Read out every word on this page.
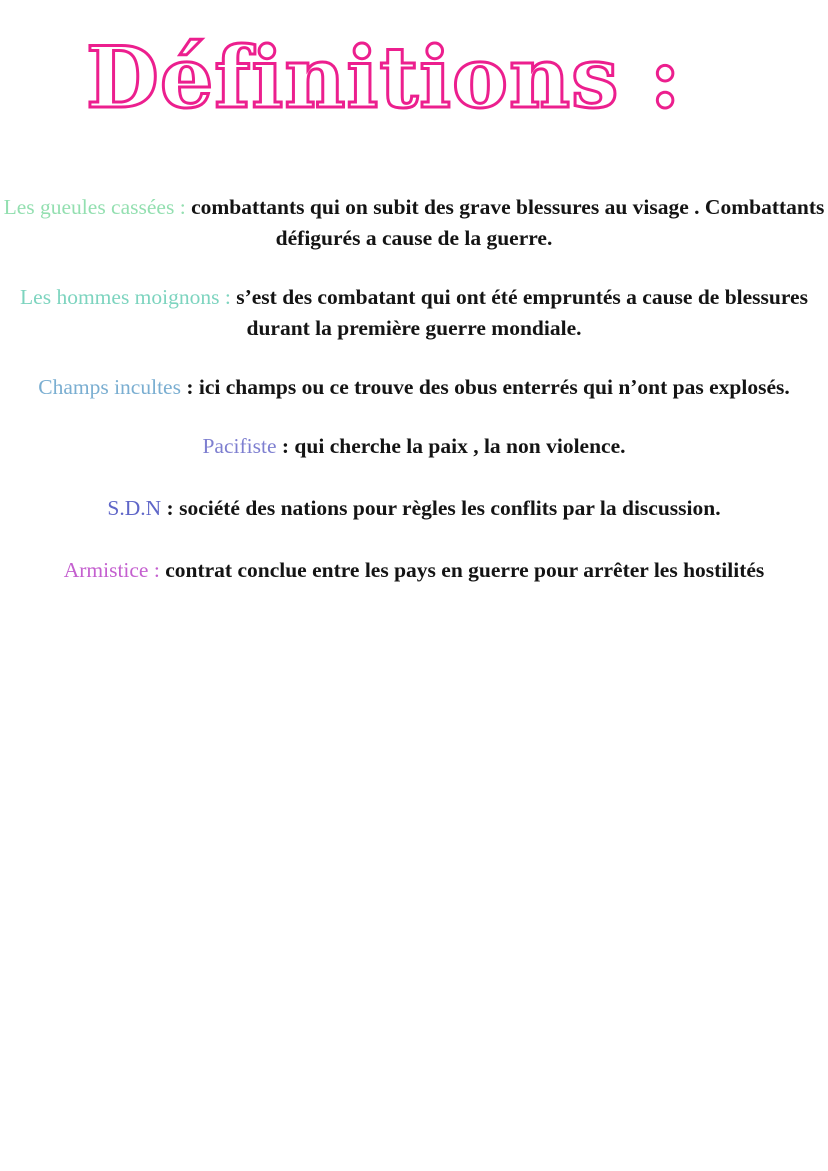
Définitions :

Les gueules cassées : combattants qui on subit des grave blessures au visage . Combattants défigurés a cause de la guerre.

Les hommes moignons : s’est des combatant qui ont été empruntés a cause de blessures durant la première guerre mondiale.

Champs incultes : ici champs ou ce trouve des obus enterrés qui n’ont pas explosés.

Pacifiste : qui cherche la paix , la non violence.

S.D.N : société des nations pour règles les conflits par la discussion.

Armistice : contrat conclue entre les pays en guerre pour arrêter les hostilités
